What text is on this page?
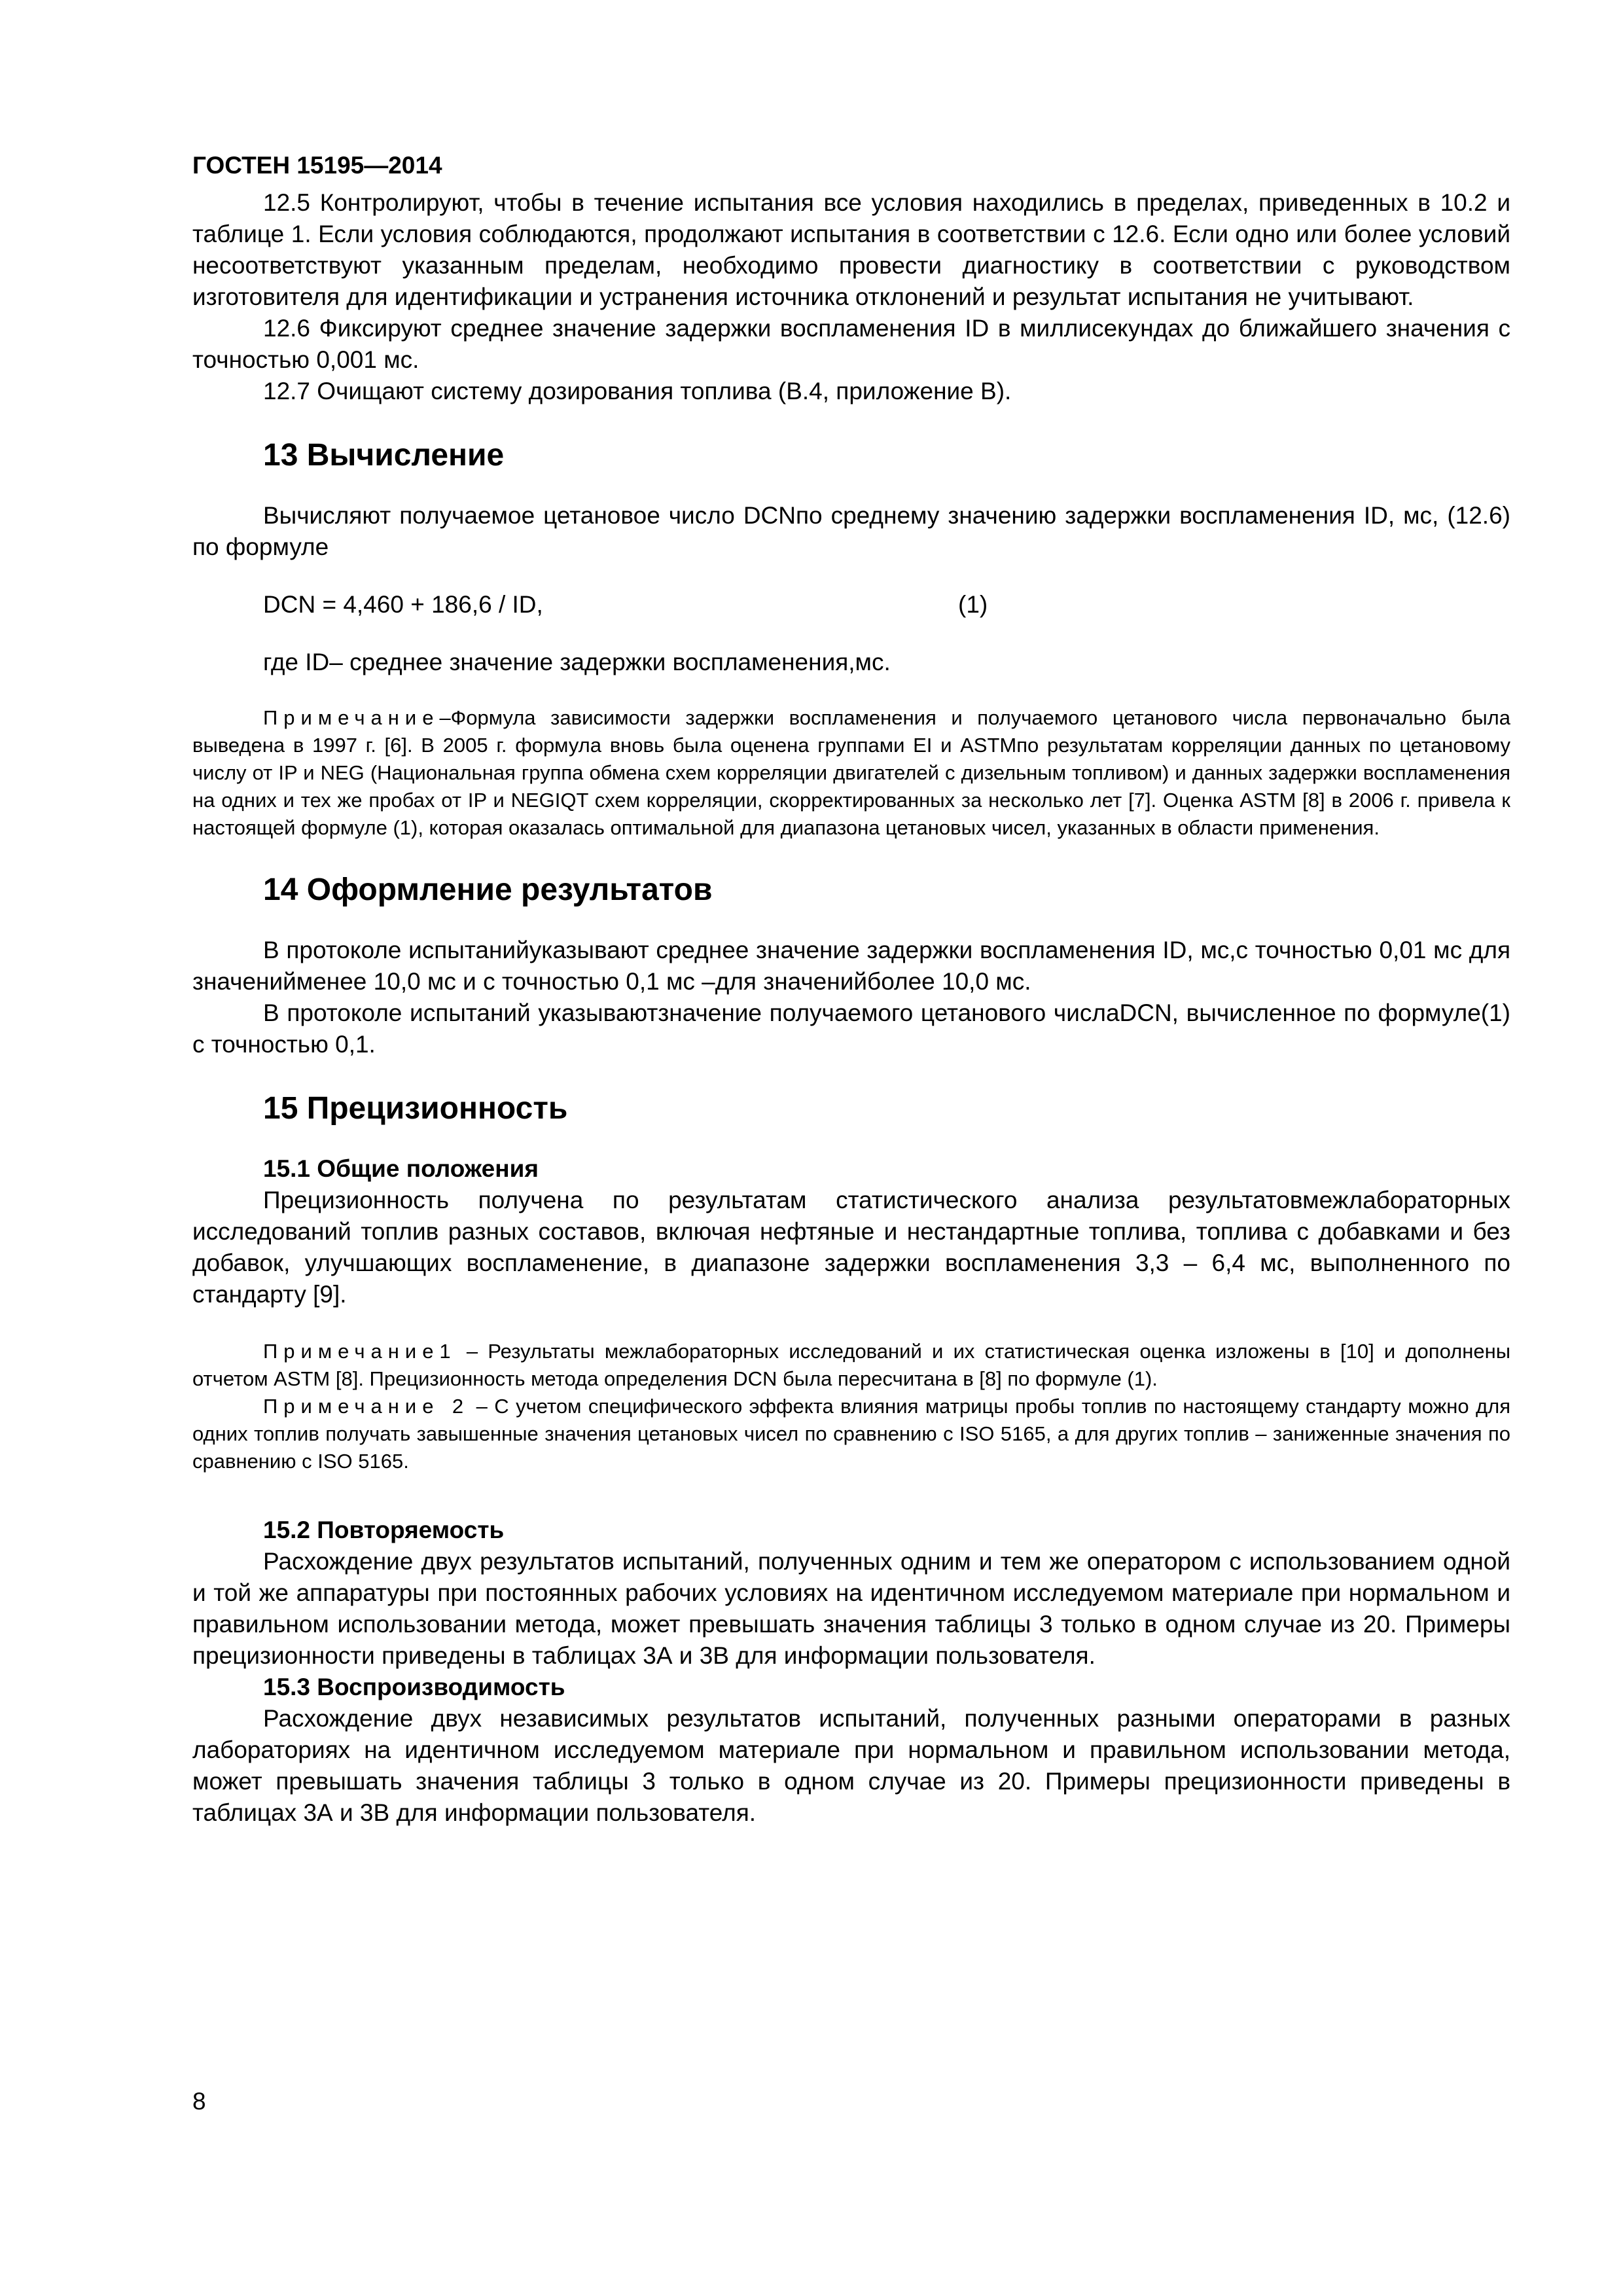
ГОСТЕН 15195—2014

12.5 Контролируют, чтобы в течение испытания все условия находились в пределах, приведенных в 10.2 и таблице 1. Если условия соблюдаются, продолжают испытания в соответствии с 12.6. Если одно или более условий несоответствуют указанным пределам, необходимо провести диагностику в соответствии с руководством изготовителя для идентификации и устранения источника отклонений и результат испытания не учитывают.

12.6 Фиксируют среднее значение задержки воспламенения ID в миллисекундах до ближайшего значения с точностью 0,001 мс.

12.7 Очищают систему дозирования топлива (В.4, приложение В).

13 Вычисление

Вычисляют получаемое цетановое число DCNпо среднему значению задержки воспламенения ID, мс, (12.6) по формуле

DCN = 4,460 + 186,6 / ID,	(1)

где ID– среднее значение задержки воспламенения,мс.

Примечание–Формула зависимости задержки воспламенения и получаемого цетанового числа первоначально была выведена в 1997 г. [6]. В 2005 г. формула вновь была оценена группами EI и ASTMпо результатам корреляции данных по цетановому числу от IP и NEG (Национальная группа обмена схем корреляции двигателей с дизельным топливом) и данных задержки воспламенения на одних и тех же пробах от IP и NEGIQT схем корреляции, скорректированных за несколько лет [7]. Оценка ASTM [8] в 2006 г. привела к настоящей формуле (1), которая оказалась оптимальной для диапазона цетановых чисел, указанных в области применения.

14 Оформление результатов

В протоколе испытанийуказывают среднее значение задержки воспламенения ID, мс,с точностью 0,01 мс для значенийменее 10,0 мс и с точностью 0,1 мс –для значенийболее 10,0 мс.

В протоколе испытаний указываютзначение получаемого цетанового числаDCN, вычисленное по формуле(1) с точностью 0,1.

15 Прецизионность
15.1 Общие положения

Прецизионность получена по результатам статистического анализа результатовмежлабораторных исследований топлив разных составов, включая нефтяные и нестандартные топлива, топлива с добавками и без добавок, улучшающих воспламенение, в диапазоне задержки воспламенения 3,3 – 6,4 мс, выполненного по стандарту [9].

Примечание1 – Результаты межлабораторных исследований и их статистическая оценка изложены в [10] и дополнены отчетом ASTM [8]. Прецизионность метода определения DCN была пересчитана в [8] по формуле (1).

Примечание 2 – С учетом специфического эффекта влияния матрицы пробы топлив по настоящему стандарту можно для одних топлив получать завышенные значения цетановых чисел по сравнению с ISO 5165, а для других топлив – заниженные значения по сравнению с ISO 5165.

15.2 Повторяемость

Расхождение двух результатов испытаний, полученных одним и тем же оператором с использованием одной и той же аппаратуры при постоянных рабочих условиях на идентичном исследуемом материале при нормальном и правильном использовании метода, может превышать значения таблицы 3 только в одном случае из 20. Примеры прецизионности приведены в таблицах 3А и 3В для информации пользователя.

15.3 Воспроизводимость

Расхождение двух независимых результатов испытаний, полученных разными операторами в разных лабораториях на идентичном исследуемом материале при нормальном и правильном использовании метода, может превышать значения таблицы 3 только в одном случае из 20. Примеры прецизионности приведены в таблицах 3А и 3В для информации пользователя.

8
